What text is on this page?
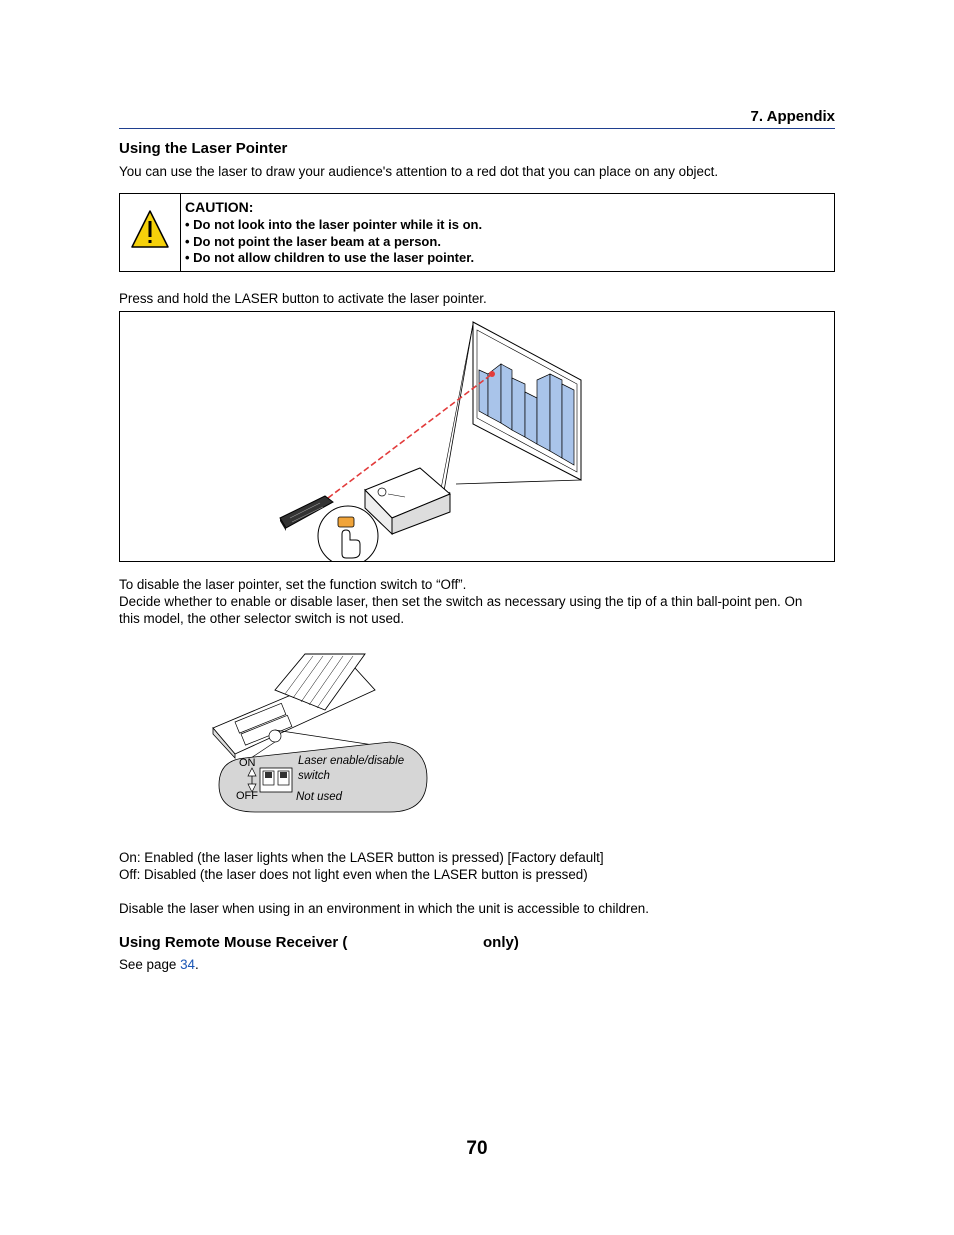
7. Appendix
Using the Laser Pointer
You can use the laser to draw your audience's attention to a red dot that you can place on any object.
CAUTION:
• Do not look into the laser pointer while it is on.
• Do not point the laser beam at a person.
• Do not allow children to use the laser pointer.
Press and hold the LASER button to activate the laser pointer.
To disable the laser pointer, set the function switch to “Off”.
Decide whether to enable or disable laser, then set the switch as necessary using the tip of a thin ball-point pen. On
this model, the other selector switch is not used.
ON
OFF
Laser enable/disable
switch
Not used
On: Enabled (the laser lights when the LASER button is pressed) [Factory default]
Off: Disabled (the laser does not light even when the LASER button is pressed)
Disable the laser when using in an environment in which the unit is accessible to children.
Using Remote Mouse Receiver (	only)
See page 34.
70
